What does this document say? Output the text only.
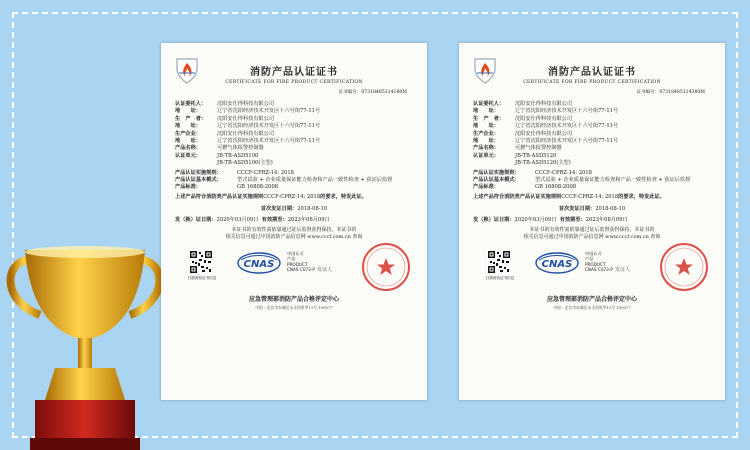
消防产品认证证书
CERTIFICATE FOR FIRE PRODUCT CERTIFICATION
证书编号：07318485114180M
认证委托人：	沈阳安仕得科技有限公司
地　　址：	辽宁省沈阳经济技术开发区十六号街77-11号
生　产　者：	沈阳安仕得科技有限公司
地　　址：	辽宁省沈阳经济技术开发区十六号街77-11号
生产企业：	沈阳安仕得科技有限公司
地　　址：	辽宁省沈阳经济技术开发区十六号街77-11号
产品名称：	可燃气体报警控制器
认证单元：	JB-TB-ASD5100
JB-TB-ASD5100(主型)
产品认证实施规则：	CCCF-CPRZ-14: 2018
产品认证基本模式：	型式试验 + 企业质量保证能力检查和产品一致性检查 + 获证后监督
产品标准：	GB 16808-2008
上述产品符合消防类产品认证实施规则CCCF-CPRZ-14: 2018的要求，特发此证。
首次发证日期：2018-08-10
发（换）证日期：2020年03月09日 有效期至：2023年08月09日
本证书的有效性需依靠通过证后监督获得保持。本证书的
相关信息可通过中国消防产品信息网 www.cccf.com.cn 查询
扫描查验证书信息
CNAS
中国认可
产品
PRODUCT
CNAS C073-P 发证人
应急管理部消防产品合格评定中心
中国・北京市东城区永丰西里甲11号 100077
消防产品认证证书
CERTIFICATE FOR FIRE PRODUCT CERTIFICATION
证书编号：07318485114380M
认证委托人：	沈阳安仕得科技有限公司
地　　址：	辽宁省沈阳经济技术开发区十六号街77-11号
生　产　者：	沈阳安仕得科技有限公司
地　　址：	辽宁省沈阳经济技术开发区十六号街77-11号
生产企业：	沈阳安仕得科技有限公司
地　　址：	辽宁省沈阳经济技术开发区十六号街77-11号
产品名称：	可燃气体报警控制器
认证单元：	JB-TB-ASD5120
JB-TB-ASD5120(主型)
产品认证实施规则：	CCCF-CPRZ-14: 2018
产品认证基本模式：	型式试验 + 企业质量保证能力检查和产品一致性检查 + 获证后监督
产品标准：	GB 16808-2008
上述产品符合消防类产品认证实施规则CCCF-CPRZ-14: 2018的要求，特发此证。
首次发证日期：2018-08-10
发（换）证日期：2020年03月09日 有效期至：2023年08月09日
本证书的有效性需依靠通过证后监督获得保持。本证书的
相关信息可通过中国消防产品信息网 www.cccf.com.cn 查询
扫描查验证书信息
CNAS
中国认可
产品
PRODUCT
CNAS C073-P 发证人
应急管理部消防产品合格评定中心
中国・北京市东城区永丰西里甲11号 100077
